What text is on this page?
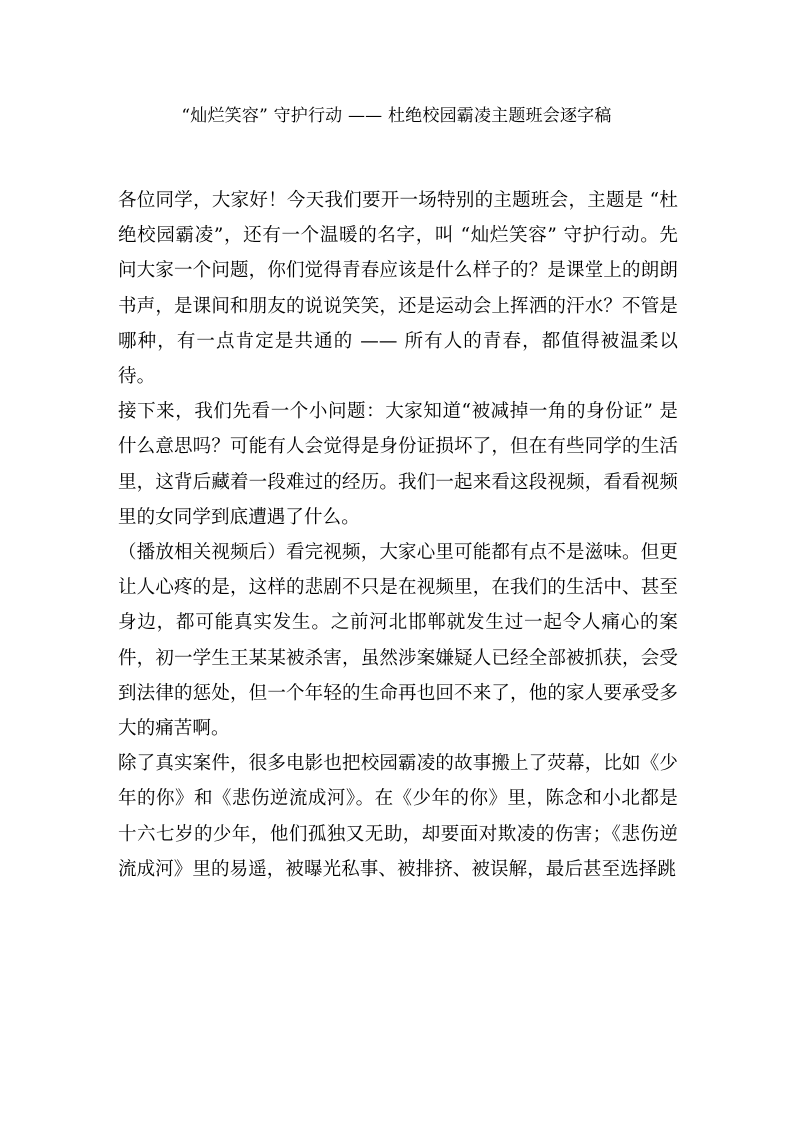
“灿烂笑容” 守护行动 —— 杜绝校园霸凌主题班会逐字稿

各位同学，大家好！今天我们要开一场特别的主题班会，主题是 “杜绝校园霸凌”，还有一个温暖的名字，叫 “灿烂笑容” 守护行动。先问大家一个问题，你们觉得青春应该是什么样子的？是课堂上的朗朗书声，是课间和朋友的说说笑笑，还是运动会上挥洒的汗水？不管是哪种，有一点肯定是共通的 —— 所有人的青春，都值得被温柔以待。

接下来，我们先看一个小问题：大家知道“被减掉一角的身份证” 是什么意思吗？可能有人会觉得是身份证损坏了，但在有些同学的生活里，这背后藏着一段难过的经历。我们一起来看这段视频，看看视频里的女同学到底遭遇了什么。

（播放相关视频后）看完视频，大家心里可能都有点不是滋味。但更让人心疼的是，这样的悲剧不只是在视频里，在我们的生活中、甚至身边，都可能真实发生。之前河北邯郸就发生过一起令人痛心的案件，初一学生王某某被杀害，虽然涉案嫌疑人已经全部被抓获，会受到法律的惩处，但一个年轻的生命再也回不来了，他的家人要承受多大的痛苦啊。

除了真实案件，很多电影也把校园霸凌的故事搬上了荧幕，比如《少年的你》和《悲伤逆流成河》。在《少年的你》里，陈念和小北都是十六七岁的少年，他们孤独又无助，却要面对欺凌的伤害；《悲伤逆流成河》里的易遥，被曝光私事、被排挤、被误解，最后甚至选择跳
